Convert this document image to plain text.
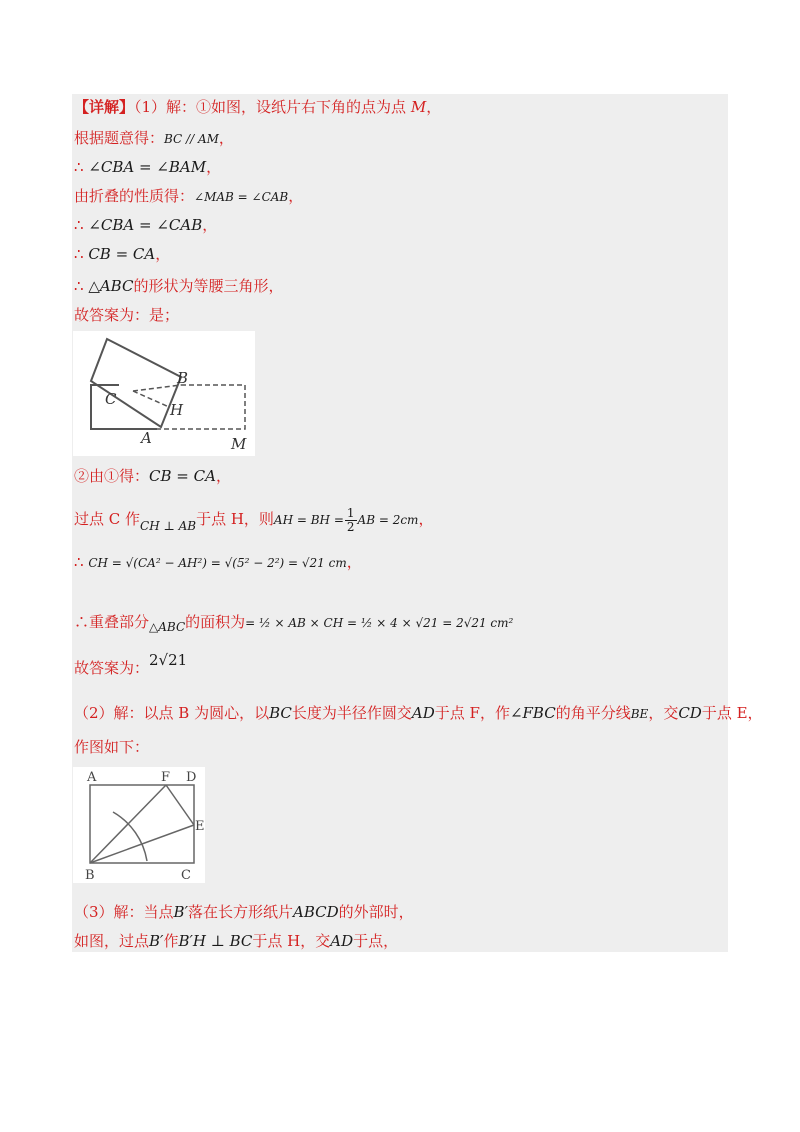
【详解】（1）解：①如图，设纸片右下角的点为点 M，
根据题意得：BC // AM，
∴ ∠CBA = ∠BAM，
由折叠的性质得：∠MAB = ∠CAB，
∴ ∠CBA = ∠CAB，
∴ CB = CA，
∴ △ABC的形状为等腰三角形，
故答案为：是；
B
C
H
A	M
②由①得：CB = CA，
过点 C 作$_{CH \perp AB}$于点 H，则AH = BH = $\frac{1}{2}$ AB = 2cm，
∴ CH = √(CA² − AH²) = √(5² − 2²) = √21 cm，
∴重叠部分$_{\triangle ABC}$的面积为= ½ × AB × CH = ½ × 4 × √21 = 2√21 cm²
故答案为：2√21
（2）解：以点 B 为圆心，以BC长度为半径作圆交AD于点 F，作∠FBC的角平分线BE，交CD于点 E，
作图如下：
A	F D
E
B	C
（3）解：当点B′落在长方形纸片ABCD的外部时，
如图，过点B′作B′H ⊥ BC于点 H，交AD于点，
